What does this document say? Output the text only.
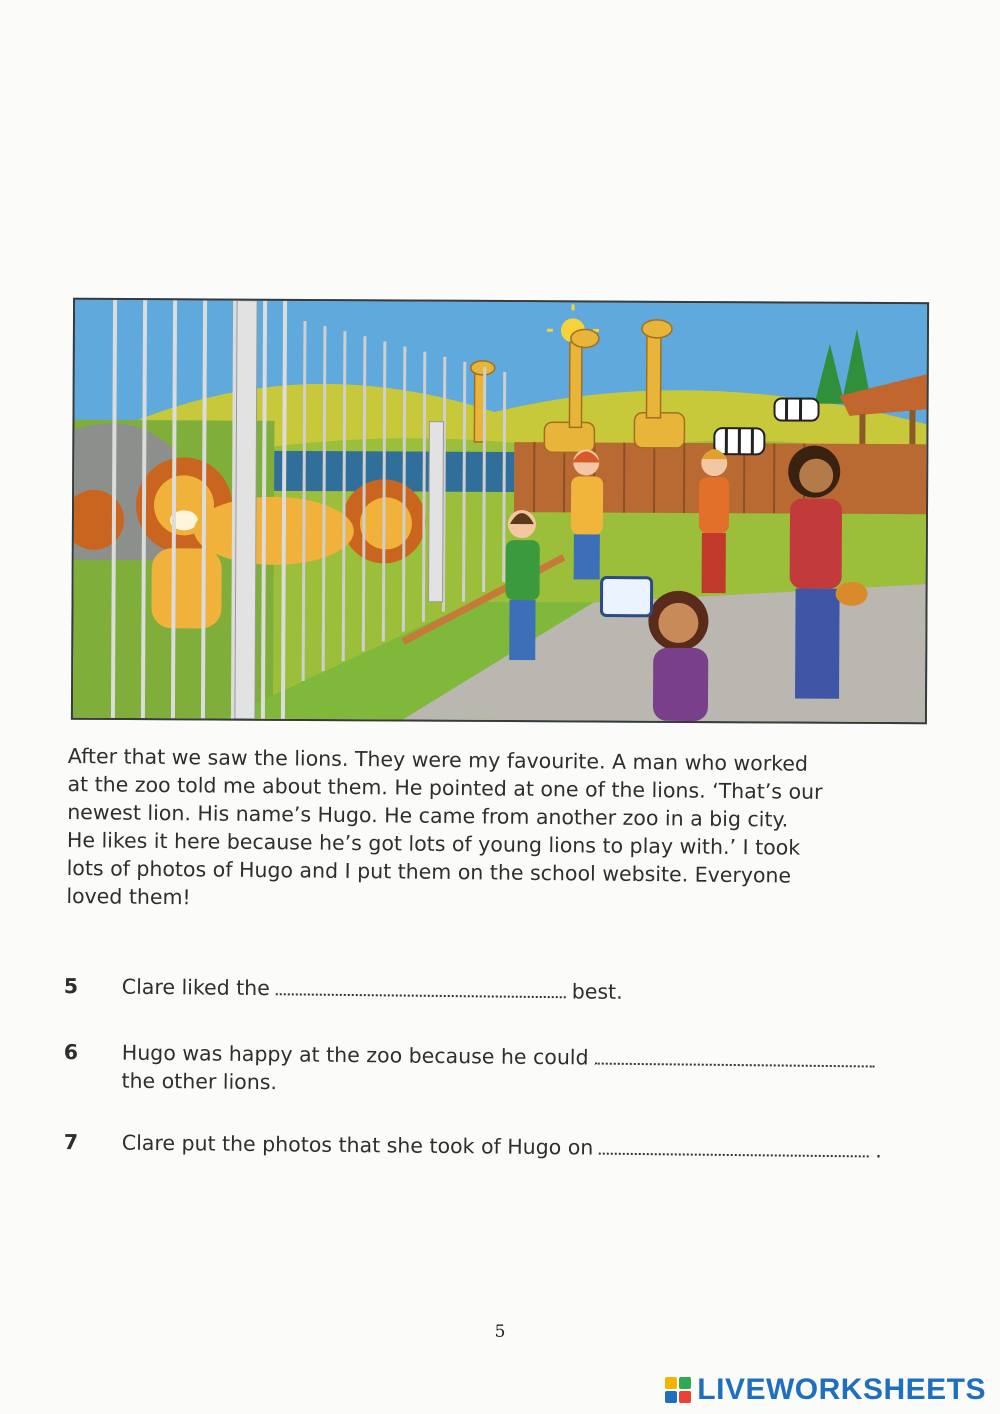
After that we saw the lions. They were my favourite. A man who worked
at the zoo told me about them. He pointed at one of the lions. ‘That’s our
newest lion. His name’s Hugo. He came from another zoo in a big city.
He likes it here because he’s got lots of young lions to play with.’ I took
lots of photos of Hugo and I put them on the school website. Everyone
loved them!
5	Clare liked the	best.
6	Hugo was happy at the zoo because he could
the other lions.
7	Clare put the photos that she took of Hugo on	.
5
LIVEWORKSHEETS
